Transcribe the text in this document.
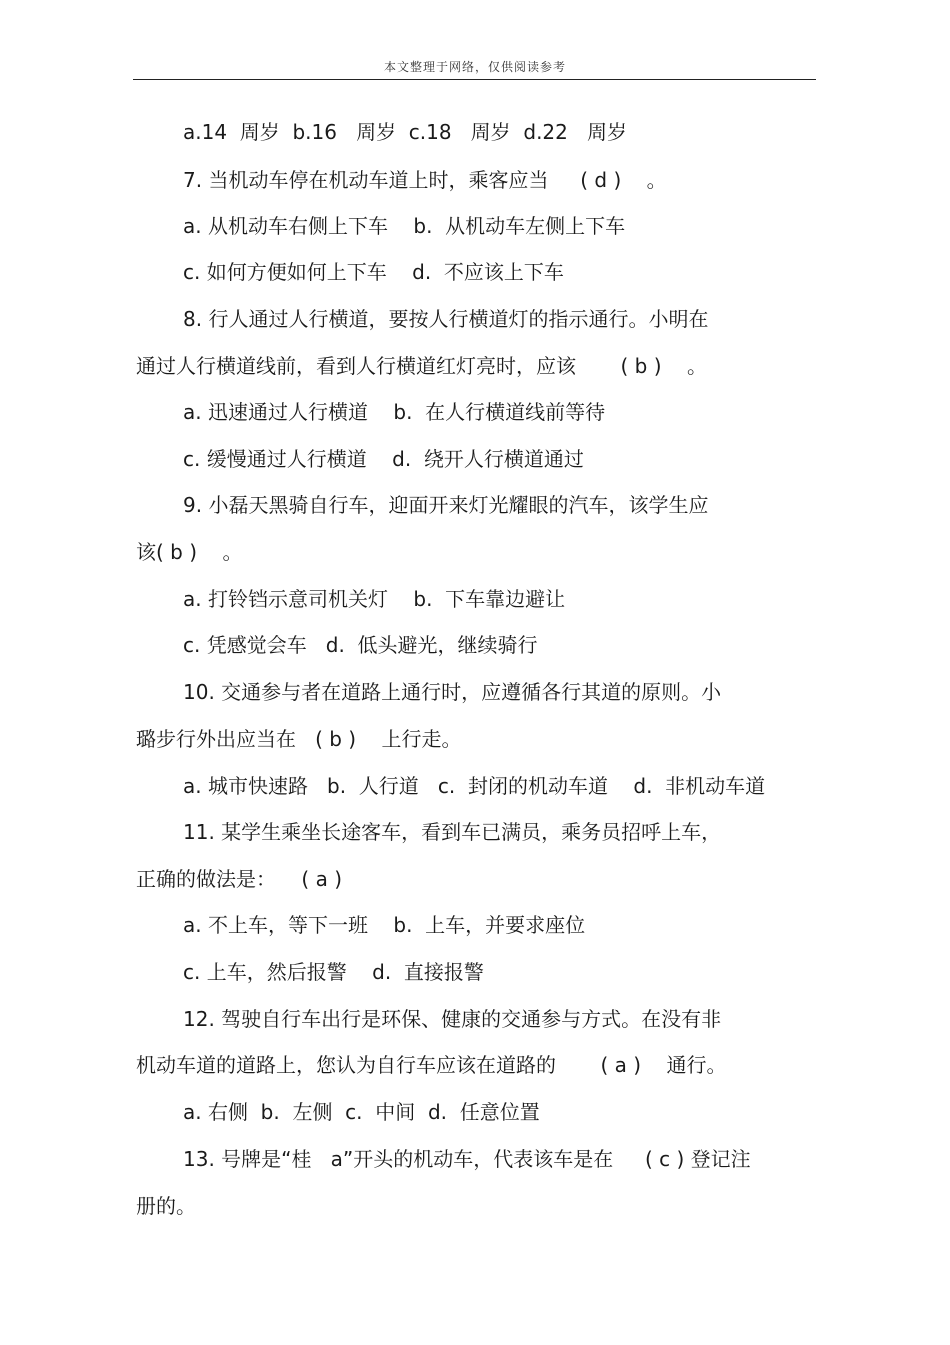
本文整理于网络，仅供阅读参考
a.14  周岁  b.16   周岁  c.18   周岁  d.22   周岁
7. 当机动车停在机动车道上时，乘客应当     ( d )    。
a. 从机动车右侧上下车    b.  从机动车左侧上下车
c. 如何方便如何上下车    d.  不应该上下车
8. 行人通过人行横道，要按人行横道灯的指示通行。小明在
通过人行横道线前，看到人行横道红灯亮时，应该       ( b )    。
a. 迅速通过人行横道    b.  在人行横道线前等待
c. 缓慢通过人行横道    d.  绕开人行横道通过
9. 小磊天黑骑自行车，迎面开来灯光耀眼的汽车，该学生应
该( b )    。
a. 打铃铛示意司机关灯    b.  下车靠边避让
c. 凭感觉会车   d.  低头避光，继续骑行
10. 交通参与者在道路上通行时，应遵循各行其道的原则。小
璐步行外出应当在   ( b )    上行走。
a. 城市快速路   b.  人行道   c.  封闭的机动车道    d.  非机动车道
11. 某学生乘坐长途客车，看到车已满员，乘务员招呼上车，
正确的做法是：    ( a )
a. 不上车，等下一班    b.  上车，并要求座位
c. 上车，然后报警    d.  直接报警
12. 驾驶自行车出行是环保、健康的交通参与方式。在没有非
机动车道的道路上，您认为自行车应该在道路的       ( a )    通行。
a. 右侧  b.  左侧  c.  中间  d.  任意位置
13. 号牌是“桂   a”开头的机动车，代表该车是在     ( c ) 登记注
册的。
